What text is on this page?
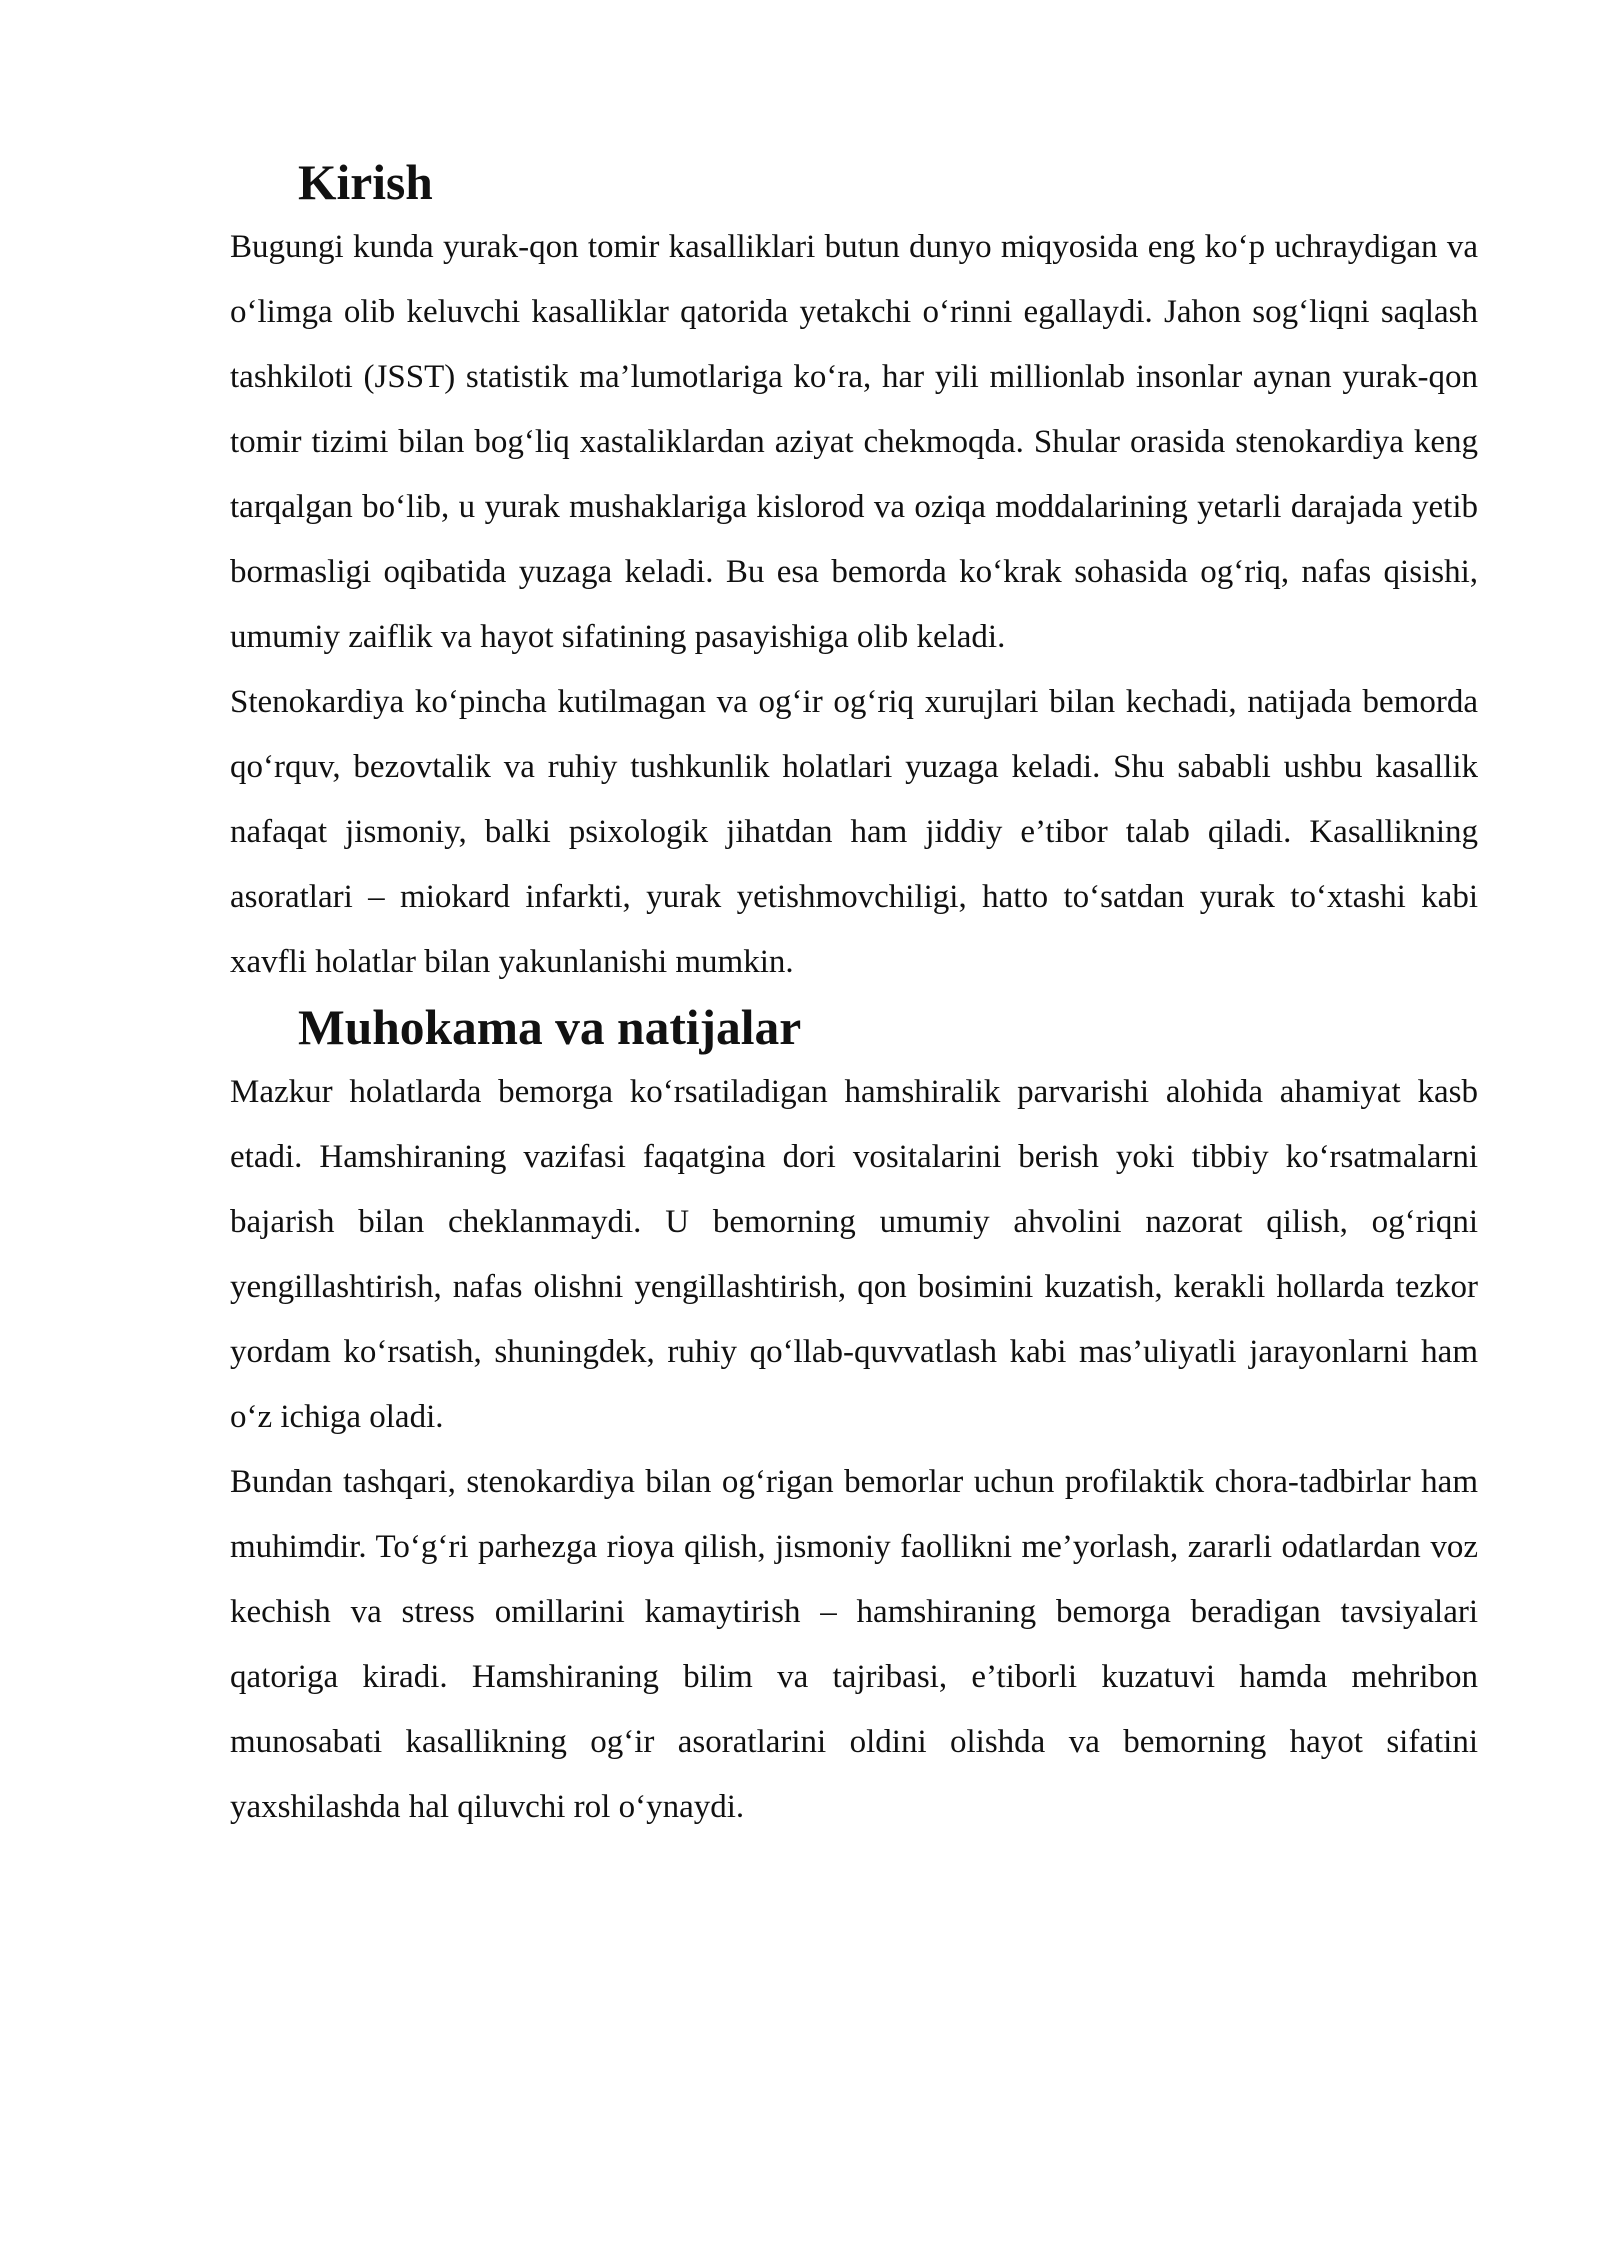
Kirish

Bugungi kunda yurak-qon tomir kasalliklari butun dunyo miqyosida eng ko‘p uchraydigan va o‘limga olib keluvchi kasalliklar qatorida yetakchi o‘rinni egallaydi. Jahon sog‘liqni saqlash tashkiloti (JSST) statistik ma’lumotlariga ko‘ra, har yili millionlab insonlar aynan yurak-qon tomir tizimi bilan bog‘liq xastaliklardan aziyat chekmoqda. Shular orasida stenokardiya keng tarqalgan bo‘lib, u yurak mushaklariga kislorod va oziqa moddalarining yetarli darajada yetib bormasligi oqibatida yuzaga keladi. Bu esa bemorda ko‘krak sohasida og‘riq, nafas qisishi, umumiy zaiflik va hayot sifatining pasayishiga olib keladi.

Stenokardiya ko‘pincha kutilmagan va og‘ir og‘riq xurujlari bilan kechadi, natijada bemorda qo‘rquv, bezovtalik va ruhiy tushkunlik holatlari yuzaga keladi. Shu sababli ushbu kasallik nafaqat jismoniy, balki psixologik jihatdan ham jiddiy e’tibor talab qiladi. Kasallikning asoratlari – miokard infarkti, yurak yetishmovchiligi, hatto to‘satdan yurak to‘xtashi kabi xavfli holatlar bilan yakunlanishi mumkin.

Muhokama va natijalar

Mazkur holatlarda bemorga ko‘rsatiladigan hamshiralik parvarishi alohida ahamiyat kasb etadi. Hamshiraning vazifasi faqatgina dori vositalarini berish yoki tibbiy ko‘rsatmalarni bajarish bilan cheklanmaydi. U bemorning umumiy ahvolini nazorat qilish, og‘riqni yengillashtirish, nafas olishni yengillashtirish, qon bosimini kuzatish, kerakli hollarda tezkor yordam ko‘rsatish, shuningdek, ruhiy qo‘llab-quvvatlash kabi mas’uliyatli jarayonlarni ham o‘z ichiga oladi.

Bundan tashqari, stenokardiya bilan og‘rigan bemorlar uchun profilaktik chora-tadbirlar ham muhimdir. To‘g‘ri parhezga rioya qilish, jismoniy faollikni me’yorlash, zararli odatlardan voz kechish va stress omillarini kamaytirish – hamshiraning bemorga beradigan tavsiyalari qatoriga kiradi. Hamshiraning bilim va tajribasi, e’tiborli kuzatuvi hamda mehribon munosabati kasallikning og‘ir asoratlarini oldini olishda va bemorning hayot sifatini yaxshilashda hal qiluvchi rol o‘ynaydi.
